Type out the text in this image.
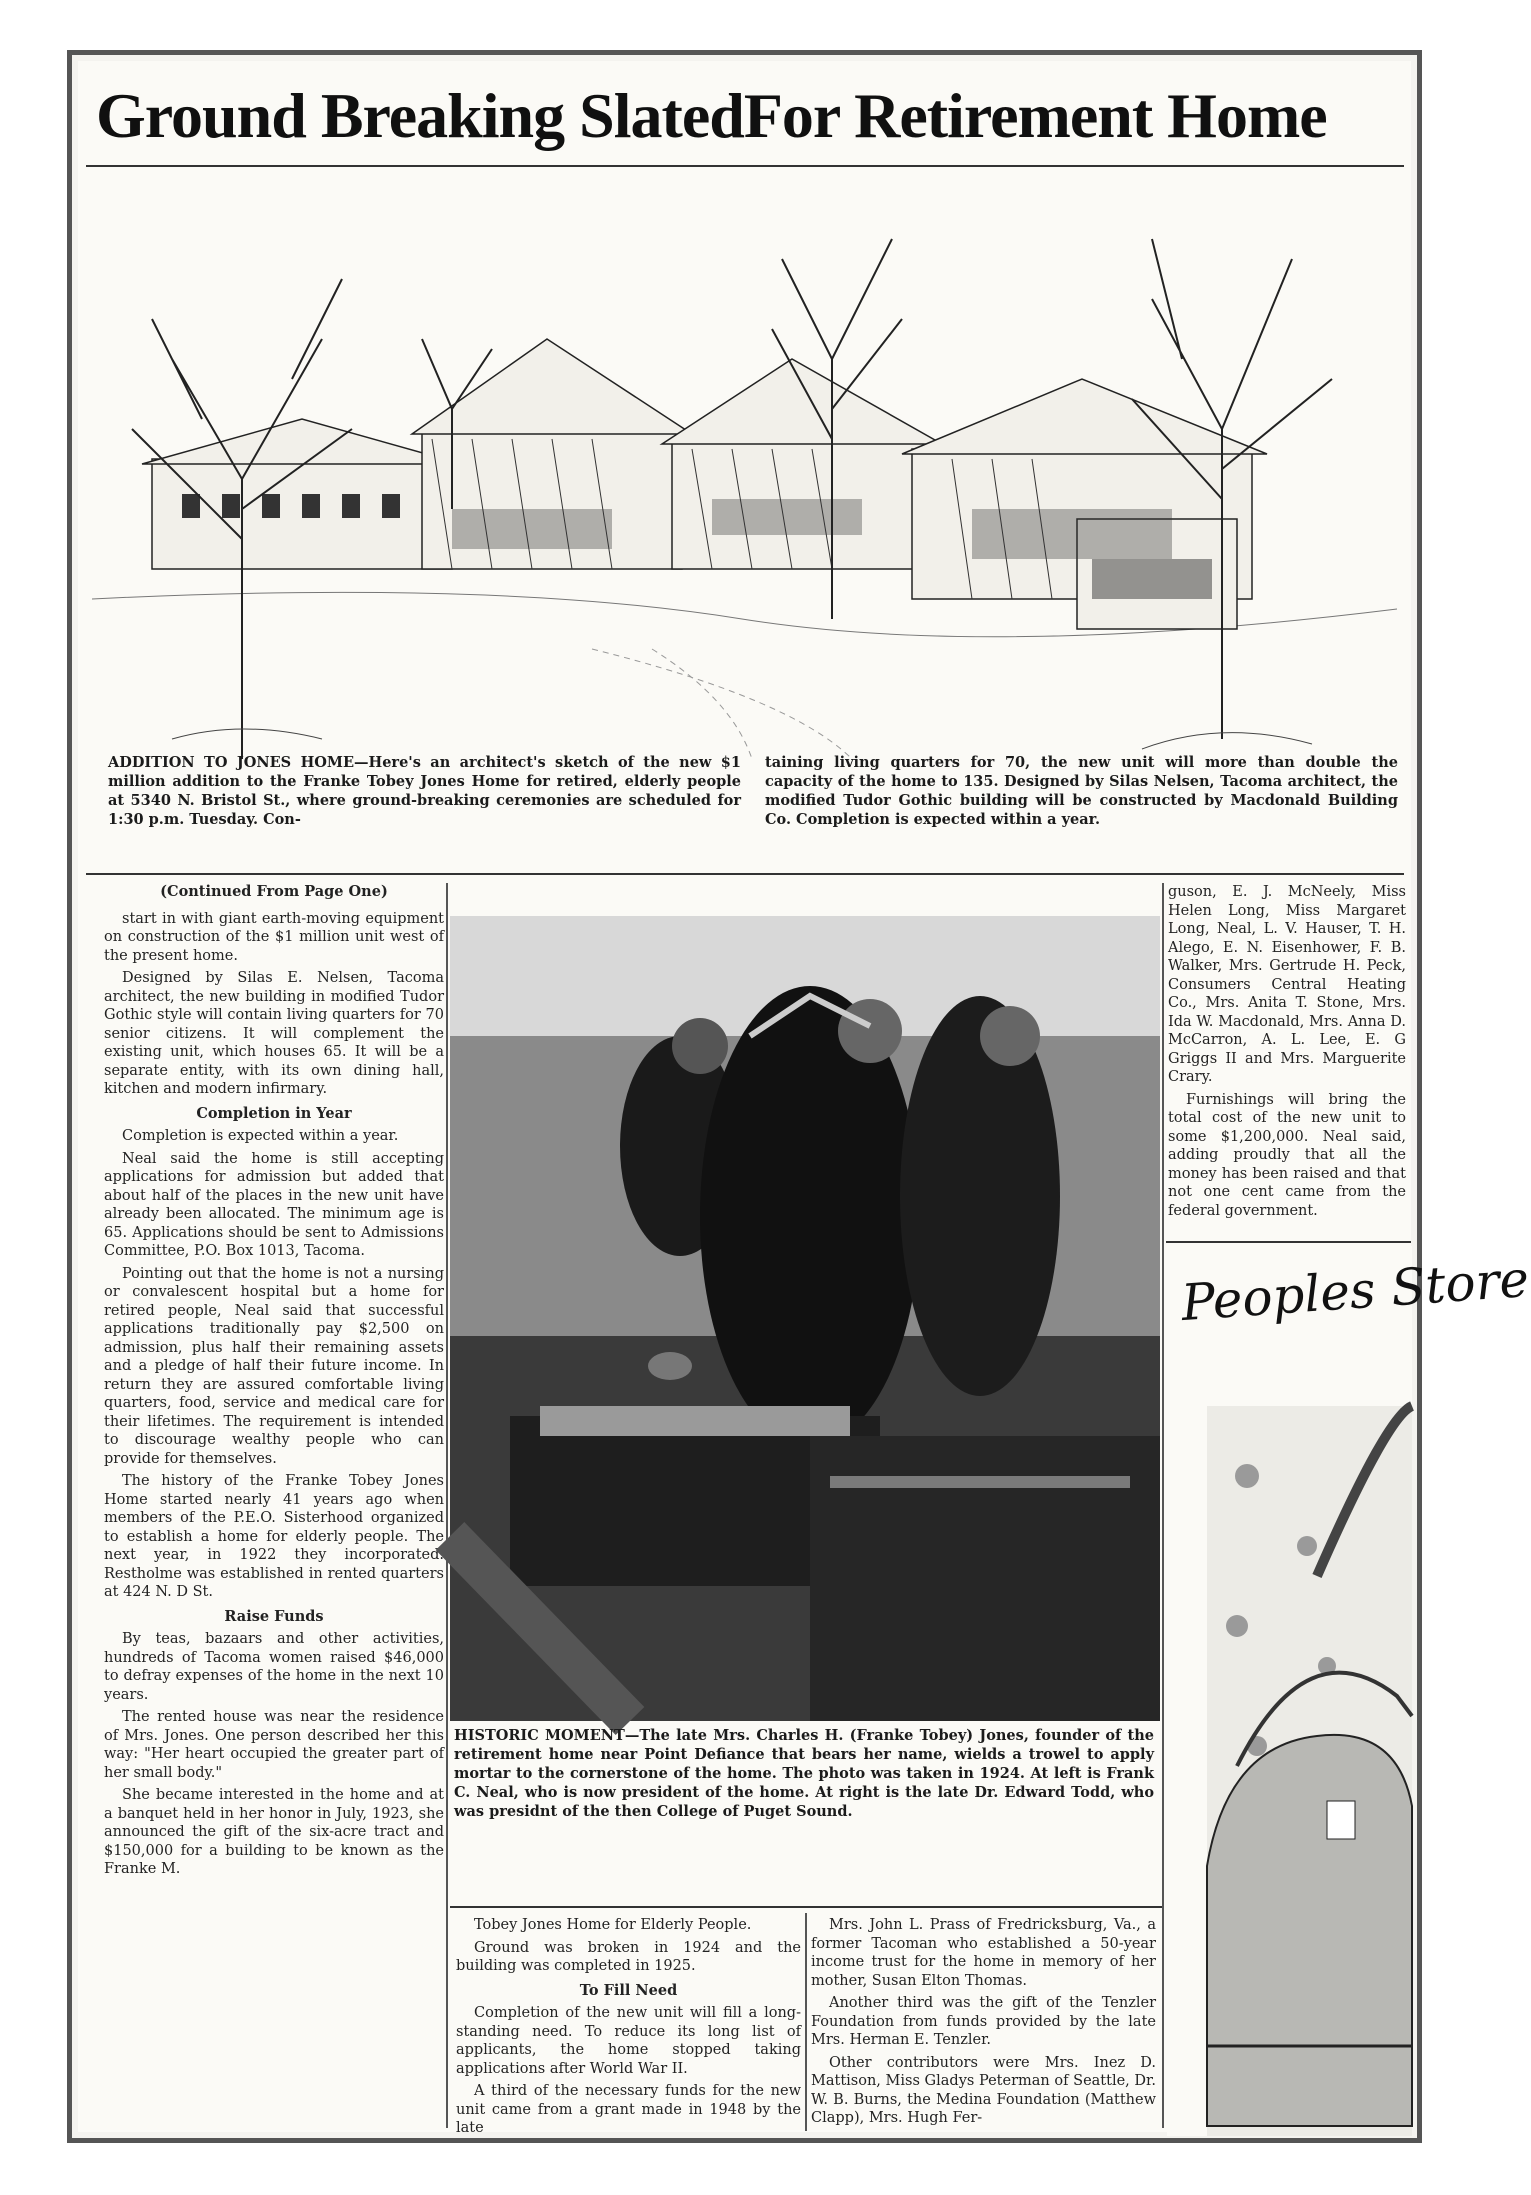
Ground Breaking SlatedFor Retirement Home
ADDITION TO JONES HOME—Here's an architect's sketch of the new $1 million addition to the Franke Tobey Jones Home for retired, elderly people at 5340 N. Bristol St., where ground-breaking ceremonies are scheduled for 1:30 p.m. Tuesday. Con-
taining living quarters for 70, the new unit will more than double the capacity of the home to 135. Designed by Silas Nelsen, Tacoma architect, the modified Tudor Gothic building will be constructed by Macdonald Building Co. Completion is expected within a year.

(Continued From Page One)

start in with giant earth-moving equipment on construction of the $1 million unit west of the present home.

Designed by Silas E. Nelsen, Tacoma architect, the new building in modified Tudor Gothic style will contain living quarters for 70 senior citizens. It will complement the existing unit, which houses 65. It will be a separate entity, with its own dining hall, kitchen and modern infirmary.

Completion in Year

Completion is expected within a year.

Neal said the home is still accepting applications for admission but added that about half of the places in the new unit have already been allocated. The minimum age is 65. Applications should be sent to Admissions Committee, P.O. Box 1013, Tacoma.

Pointing out that the home is not a nursing or convalescent hospital but a home for retired people, Neal said that successful applications traditionally pay $2,500 on admission, plus half their remaining assets and a pledge of half their future income. In return they are assured comfortable living quarters, food, service and medical care for their lifetimes. The requirement is intended to discourage wealthy people who can provide for themselves.

The history of the Franke Tobey Jones Home started nearly 41 years ago when members of the P.E.O. Sisterhood organized to establish a home for elderly people. The next year, in 1922 they incorporated. Restholme was established in rented quarters at 424 N. D St.

Raise Funds

By teas, bazaars and other activities, hundreds of Tacoma women raised $46,000 to defray expenses of the home in the next 10 years.

The rented house was near the residence of Mrs. Jones. One person described her this way: "Her heart occupied the greater part of her small body."

She became interested in the home and at a banquet held in her honor in July, 1923, she announced the gift of the six-acre tract and $150,000 for a building to be known as the Franke M.

HISTORIC MOMENT—The late Mrs. Charles H. (Franke Tobey) Jones, founder of the retirement home near Point Defiance that bears her name, wields a trowel to apply mortar to the cornerstone of the home. The photo was taken in 1924. At left is Frank C. Neal, who is now president of the home. At right is the late Dr. Edward Todd, who was presidnt of the then College of Puget Sound.

Tobey Jones Home for Elderly People.

Ground was broken in 1924 and the building was completed in 1925.

To Fill Need

Completion of the new unit will fill a long-standing need. To reduce its long list of applicants, the home stopped taking applications after World War II.

A third of the necessary funds for the new unit came from a grant made in 1948 by the late

Mrs. John L. Prass of Fredricksburg, Va., a former Tacoman who established a 50-year income trust for the home in memory of her mother, Susan Elton Thomas.

Another third was the gift of the Tenzler Foundation from funds provided by the late Mrs. Herman E. Tenzler.

Other contributors were Mrs. Inez D. Mattison, Miss Gladys Peterman of Seattle, Dr. W. B. Burns, the Medina Foundation (Matthew Clapp), Mrs. Hugh Fer-

guson, E. J. McNeely, Miss Helen Long, Miss Margaret Long, Neal, L. V. Hauser, T. H. Alego, E. N. Eisenhower, F. B. Walker, Mrs. Gertrude H. Peck, Consumers Central Heating Co., Mrs. Anita T. Stone, Mrs. Ida W. Macdonald, Mrs. Anna D. McCarron, A. L. Lee, E. G Griggs II and Mrs. Marguerite Crary.

Furnishings will bring the total cost of the new unit to some $1,200,000. Neal said, adding proudly that all the money has been raised and that not one cent came from the federal government.

Peoples Store
